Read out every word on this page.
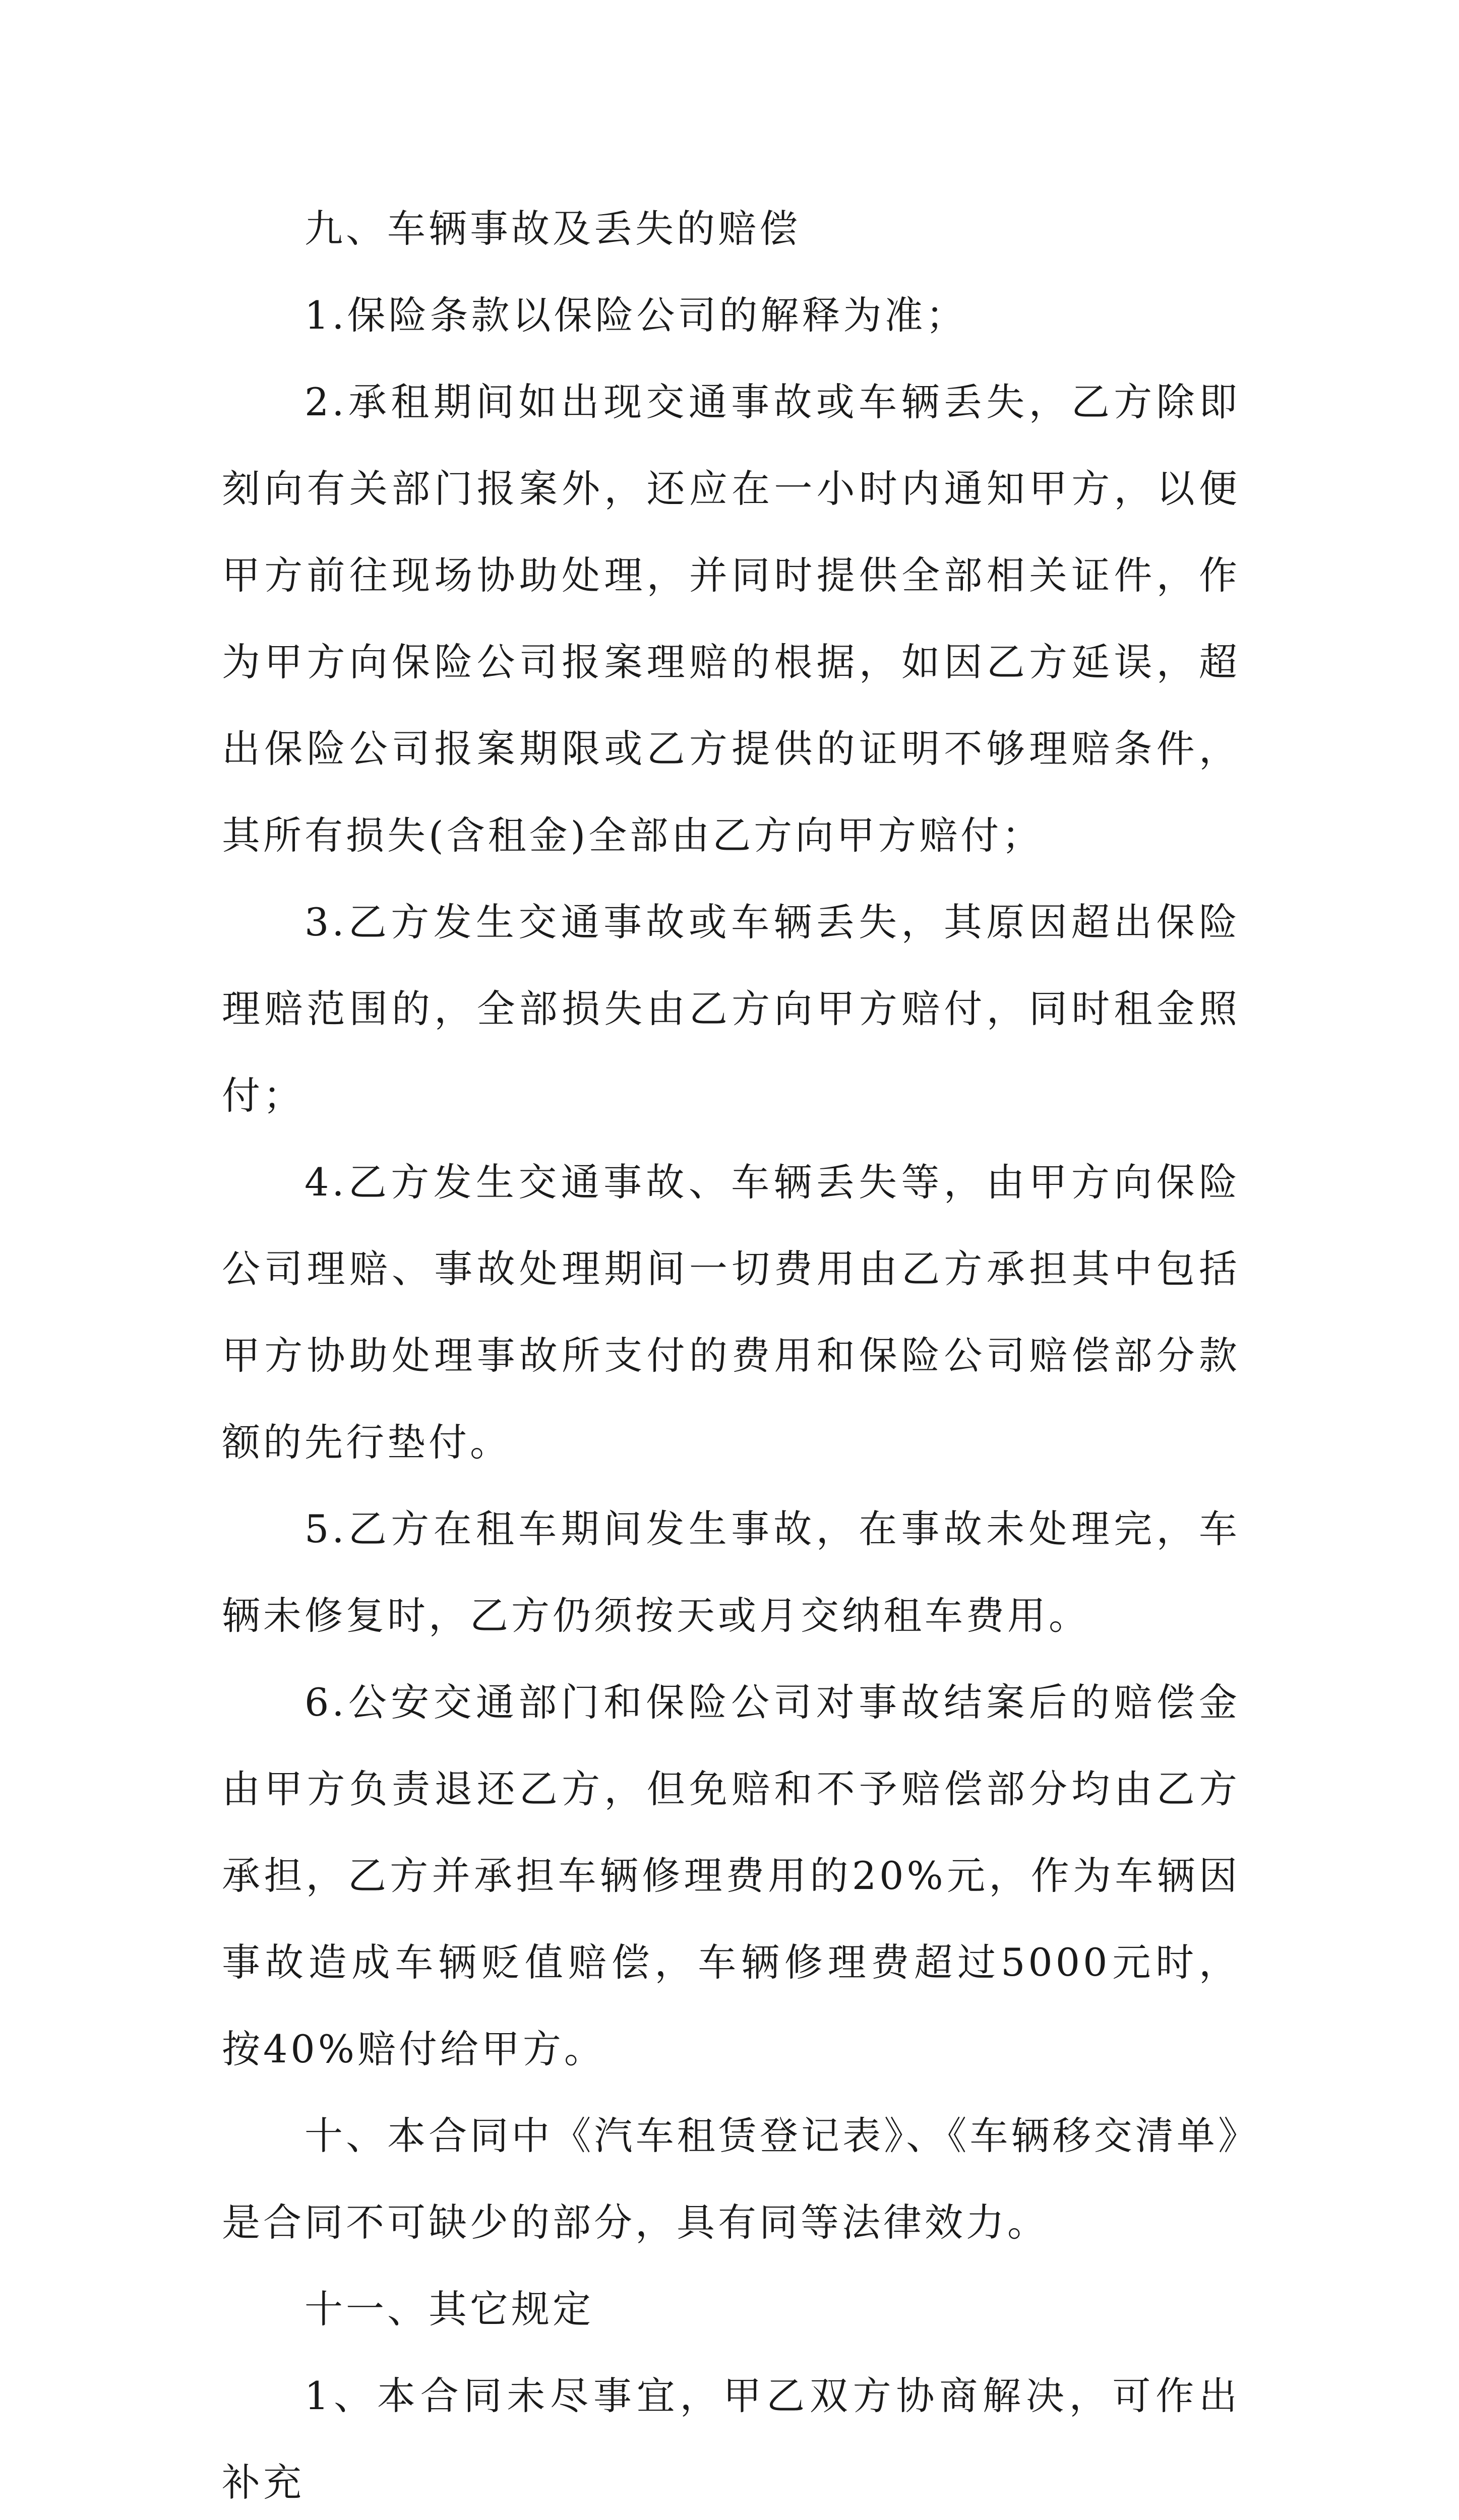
九、车辆事故及丢失的赔偿

1.保险条款以保险公司的解释为准；

2.承租期间如出现交通事故或车辆丢失，乙方除即刻向有关部门报案外，还应在一小时内通知甲方，以便甲方前往现场协助处理，并同时提供全部相关证件，作为甲方向保险公司报案理赔的根据，如因乙方延误，超出保险公司报案期限或乙方提供的证明不够理赔条件，其所有损失(含租金)全部由乙方向甲方赔付；

3.乙方发生交通事故或车辆丢失，其原因超出保险理赔范围的，全部损失由乙方向甲方赔付，同时租金照付；

4.乙方发生交通事故、车辆丢失等，由甲方向保险公司理赔、事故处理期间一切费用由乙方承担其中包括甲方协助处理事故所支付的费用和保险公司赔偿部分款额的先行垫付。

5.乙方在租车期间发生事故，在事故未处理完，车辆未修复时，乙方仍须按天或月交纳租车费用。

6.公安交通部门和保险公司对事故结案后的赔偿金由甲方负责退还乙方，但免赔和不予赔偿部分均由乙方承担，乙方并承担车辆修理费用的20%元，作为车辆因事故造成车辆贬值赔偿，车辆修理费超过5000元时，按40%赔付给甲方。

十、本合同中《汽车租赁登记表》、《车辆移交清单》是合同不可缺少的部分，具有同等法律效力。

十一、其它规定

1、本合同未尽事宜，甲乙双方协商解决，可作出补充
